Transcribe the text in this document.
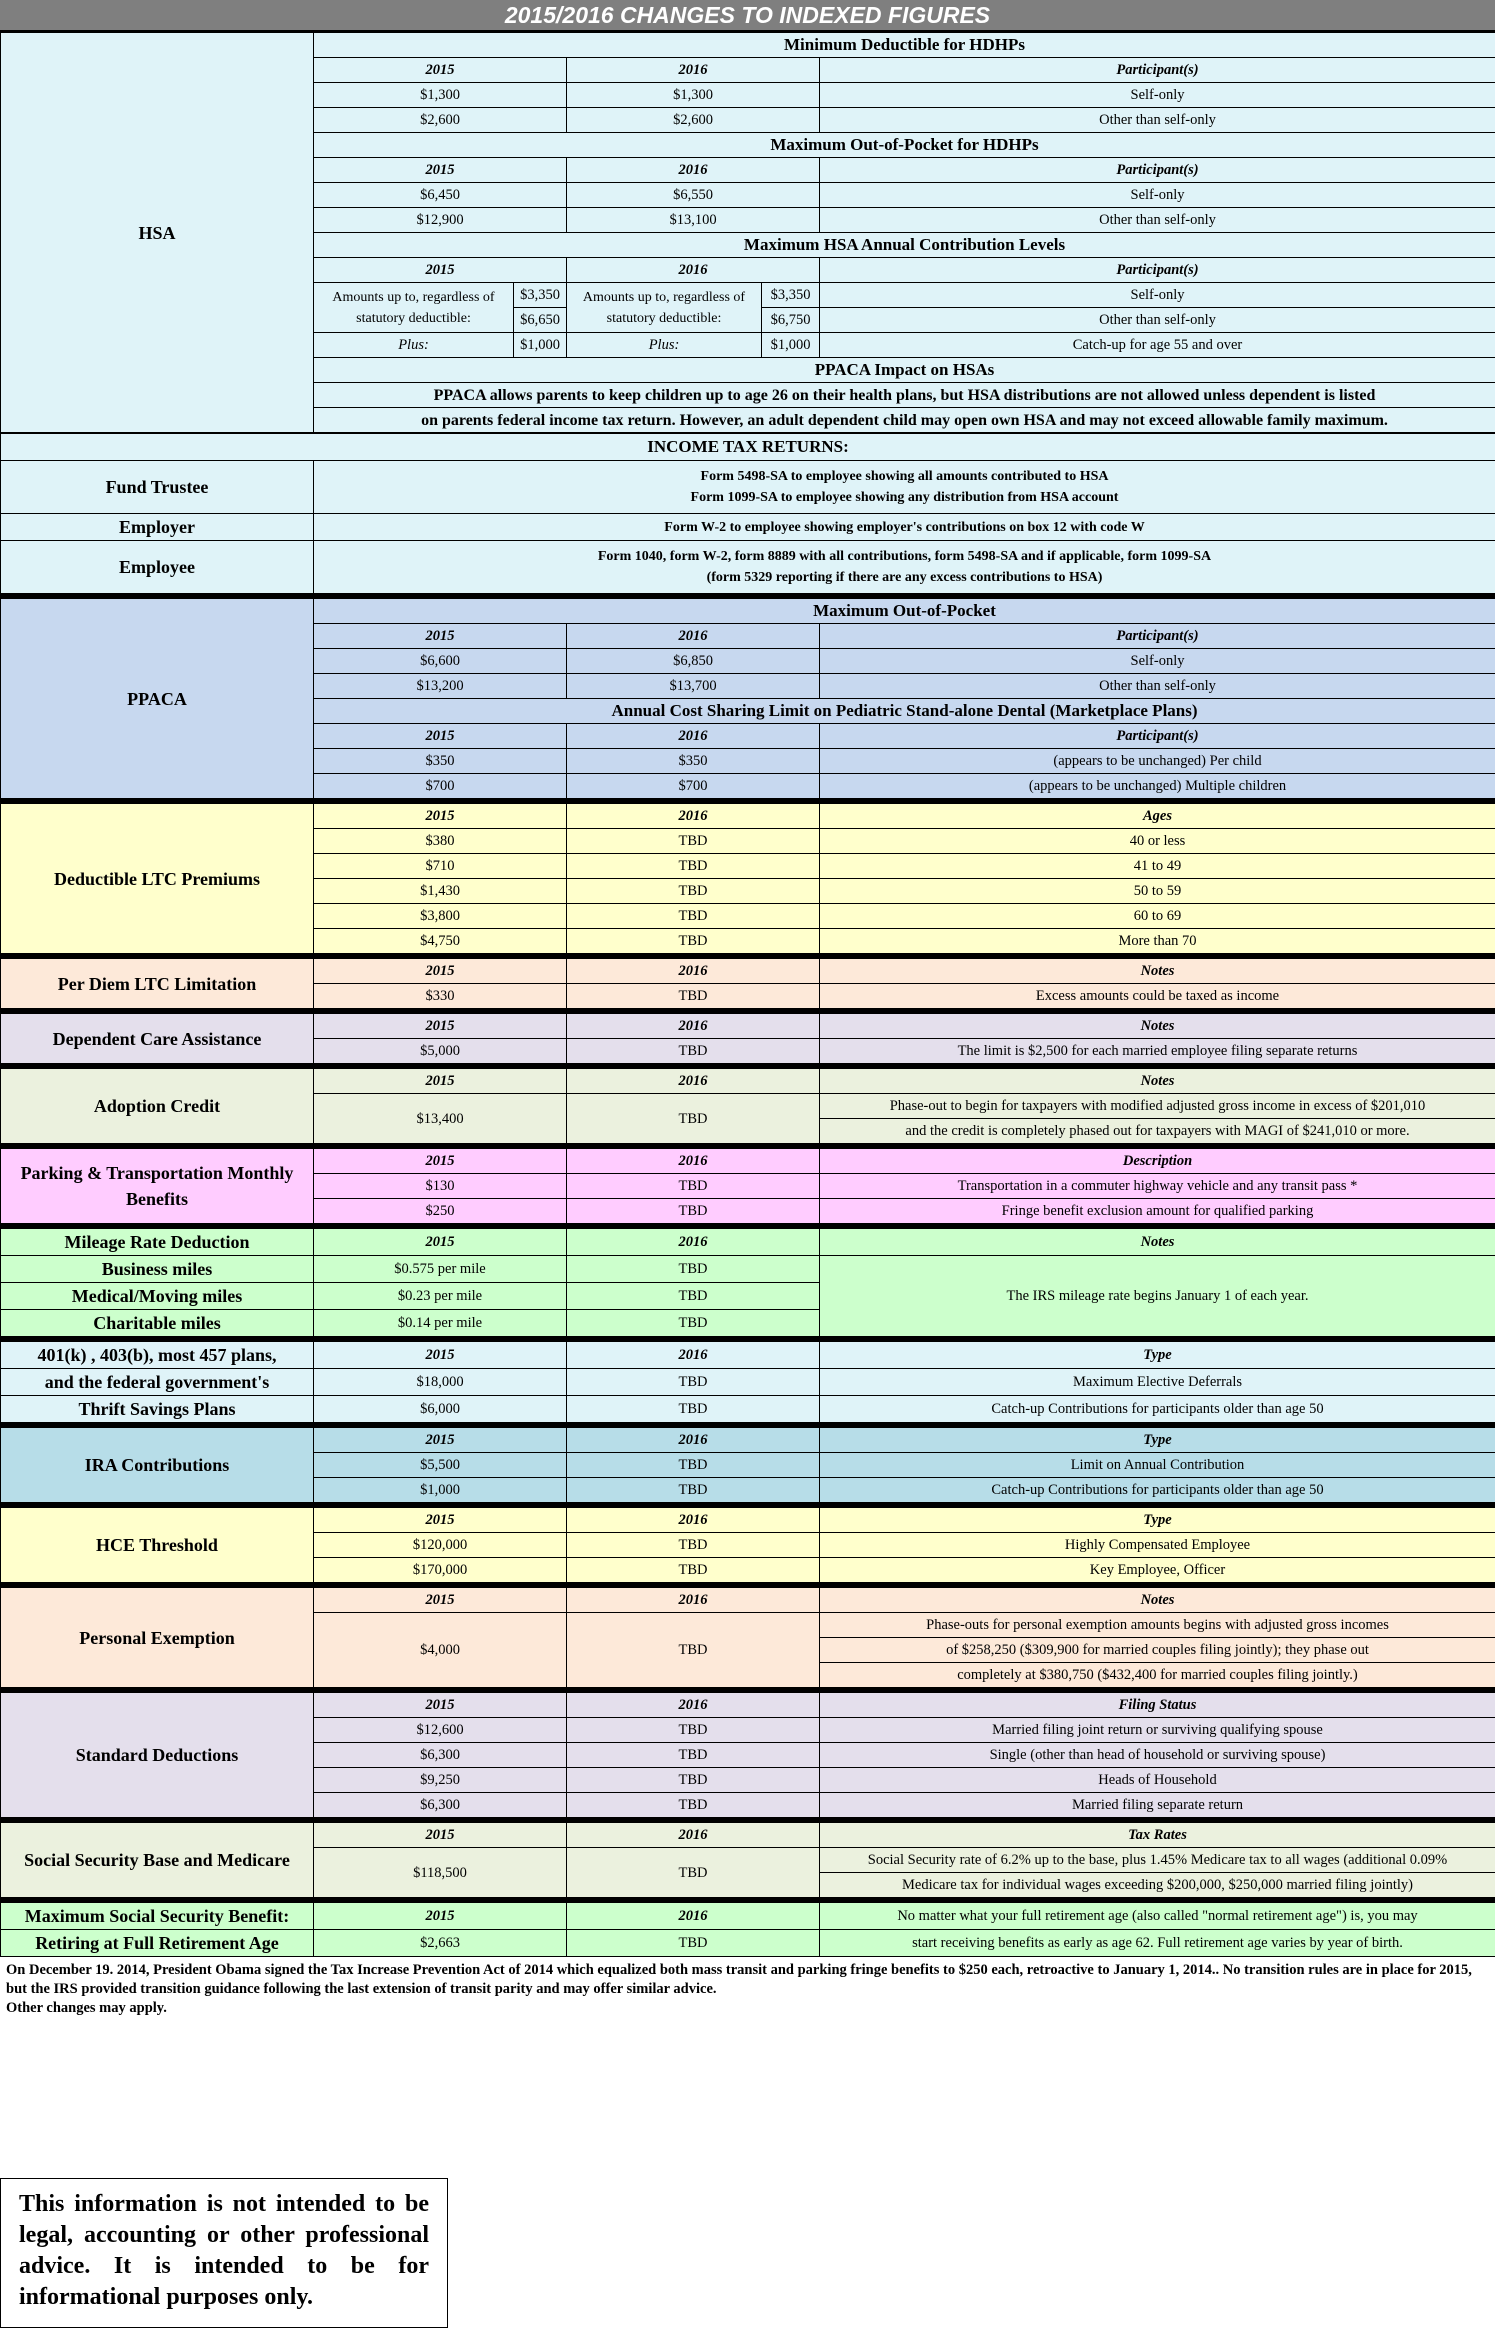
2015/2016 CHANGES TO INDEXED FIGURES
HSA	Minimum Deductible for HDHPs				
	2015		2016		Participant(s)
	$1,300		$1,300		Self-only
	$2,600		$2,600		Other than self-only
	Maximum Out-of-Pocket for HDHPs				
	2015		2016		Participant(s)
	$6,450		$6,550		Self-only
	$12,900		$13,100		Other than self-only
	Maximum HSA Annual Contribution Levels				
	2015		2016		Participant(s)
	Amounts up to, regardless of statutory deductible:	$3,350	Amounts up to, regardless of statutory deductible:	$3,350	Self-only
		$6,650		$6,750	Other than self-only
	Plus:	$1,000	Plus:	$1,000	Catch-up for age 55 and over
	PPACA Impact on HSAs				
	PPACA allows parents to keep children up to age 26 on their health plans, but HSA distributions are not allowed unless dependent is listed				
	on parents federal income tax return. However, an adult dependent child may open own HSA and may not exceed allowable family maximum.				
INCOME TAX RETURNS:	
Fund Trustee	Form 5498-SA to employee showing all amounts contributed to HSA
Form 1099-SA to employee showing any distribution from HSA account

Employer	Form W-2 to employee showing employer's contributions on box 12 with code W
Employee	Form 1040, form W-2, form 8889 with all contributions, form 5498-SA and if applicable, form 1099-SA
(form 5329 reporting if there are any excess contributions to HSA)
PPACA	Maximum Out-of-Pocket		
	2015	2016	Participant(s)
	$6,600	$6,850	Self-only
	$13,200	$13,700	Other than self-only
	Annual Cost Sharing Limit on Pediatric Stand-alone Dental (Marketplace Plans)		
	2015	2016	Participant(s)
	$350	$350	(appears to be unchanged) Per child
	$700	$700	(appears to be unchanged) Multiple children
Deductible LTC Premiums	2015	2016	Ages
	$380	TBD	40 or less
	$710	TBD	41 to 49
	$1,430	TBD	50 to 59
	$3,800	TBD	60 to 69
	$4,750	TBD	More than 70
Per Diem LTC Limitation	2015	2016	Notes
	$330	TBD	Excess amounts could be taxed as income
Dependent Care Assistance	2015	2016	Notes
	$5,000	TBD	The limit is $2,500 for each married employee filing separate returns
Adoption Credit	2015	2016	Notes
	$13,400	TBD	Phase-out to begin for taxpayers with modified adjusted gross income in excess of $201,010
			and the credit is completely phased out for taxpayers with MAGI of $241,010 or more.
Parking & Transportation Monthly Benefits	2015	2016	Description
	$130	TBD	Transportation in a commuter highway vehicle and any transit pass *
	$250	TBD	Fringe benefit exclusion amount for qualified parking
Mileage Rate Deduction	2015	2016	Notes
Business miles	$0.575 per mile	TBD	The IRS mileage rate begins January 1 of each year.
Medical/Moving miles	$0.23 per mile	TBD	
Charitable miles	$0.14 per mile	TBD	
401(k) , 403(b), most 457 plans,	2015	2016	Type
and the federal government's	$18,000	TBD	Maximum Elective Deferrals
Thrift Savings Plans	$6,000	TBD	Catch-up Contributions for participants older than age 50
IRA Contributions	2015	2016	Type
	$5,500	TBD	Limit on Annual Contribution
	$1,000	TBD	Catch-up Contributions for participants older than age 50
HCE Threshold	2015	2016	Type
	$120,000	TBD	Highly Compensated Employee
	$170,000	TBD	Key Employee, Officer
Personal Exemption	2015	2016	Notes
	$4,000	TBD	Phase-outs for personal exemption amounts begins with adjusted gross incomes
			of $258,250 ($309,900 for married couples filing jointly); they phase out
			completely at $380,750 ($432,400 for married couples filing jointly.)
Standard Deductions	2015	2016	Filing Status
	$12,600	TBD	Married filing joint return or surviving qualifying spouse
	$6,300	TBD	Single (other than head of household or surviving spouse)
	$9,250	TBD	Heads of Household
	$6,300	TBD	Married filing separate return
Social Security Base and Medicare	2015	2016	Tax Rates
	$118,500	TBD	Social Security rate of 6.2% up to the base, plus 1.45% Medicare tax to all wages (additional 0.09%
			Medicare tax for individual wages exceeding $200,000, $250,000 married filing jointly)
Maximum Social Security Benefit:	2015	2016	No matter what your full retirement age (also called "normal retirement age") is, you may
Retiring at Full Retirement Age	$2,663	TBD	start receiving benefits as early as age 62. Full retirement age varies by year of birth.
On December 19. 2014, President Obama signed the Tax Increase Prevention Act of 2014 which equalized both mass transit and parking fringe benefits to $250 each, retroactive to January 1, 2014.. No transition rules are in place for 2015, but the IRS provided transition guidance following the last extension of transit parity and may offer similar advice.
Other changes may apply.
This information is not intended to be legal, accounting or other professional advice. It is intended to be for informational purposes only.
